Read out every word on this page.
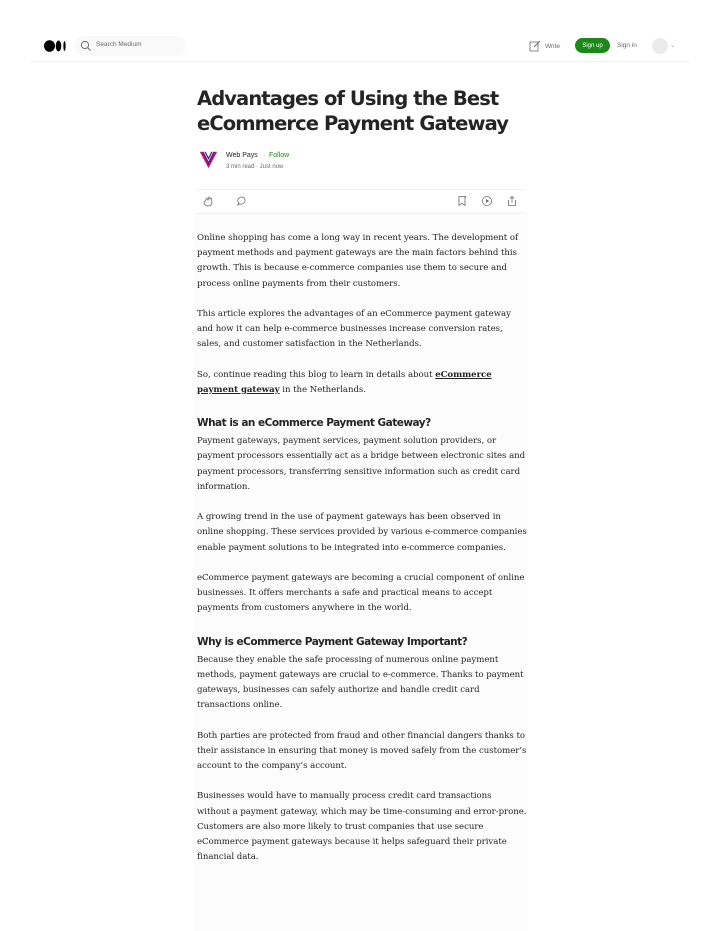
Search Medium	Write	Sign up	Sign in	⌄
Advantages of Using the Best eCommerce Payment Gateway
Web Pays · Follow
3 min read · Just now

Online shopping has come a long way in recent years. The development of payment methods and payment gateways are the main factors behind this growth. This is because e-commerce companies use them to secure and process online payments from their customers.

This article explores the advantages of an eCommerce payment gateway and how it can help e-commerce businesses increase conversion rates, sales, and customer satisfaction in the Netherlands.

So, continue reading this blog to learn in details about eCommerce payment gateway in the Netherlands.

What is an eCommerce Payment Gateway?

Payment gateways, payment services, payment solution providers, or payment processors essentially act as a bridge between electronic sites and payment processors, transferring sensitive information such as credit card information.

A growing trend in the use of payment gateways has been observed in online shopping. These services provided by various e-commerce companies enable payment solutions to be integrated into e-commerce companies.

eCommerce payment gateways are becoming a crucial component of online businesses. It offers merchants a safe and practical means to accept payments from customers anywhere in the world.

Why is eCommerce Payment Gateway Important?

Because they enable the safe processing of numerous online payment methods, payment gateways are crucial to e-commerce. Thanks to payment gateways, businesses can safely authorize and handle credit card transactions online.

Both parties are protected from fraud and other financial dangers thanks to their assistance in ensuring that money is moved safely from the customer’s account to the company’s account.

Businesses would have to manually process credit card transactions without a payment gateway, which may be time-consuming and error-prone. Customers are also more likely to trust companies that use secure eCommerce payment gateways because it helps safeguard their private financial data.
